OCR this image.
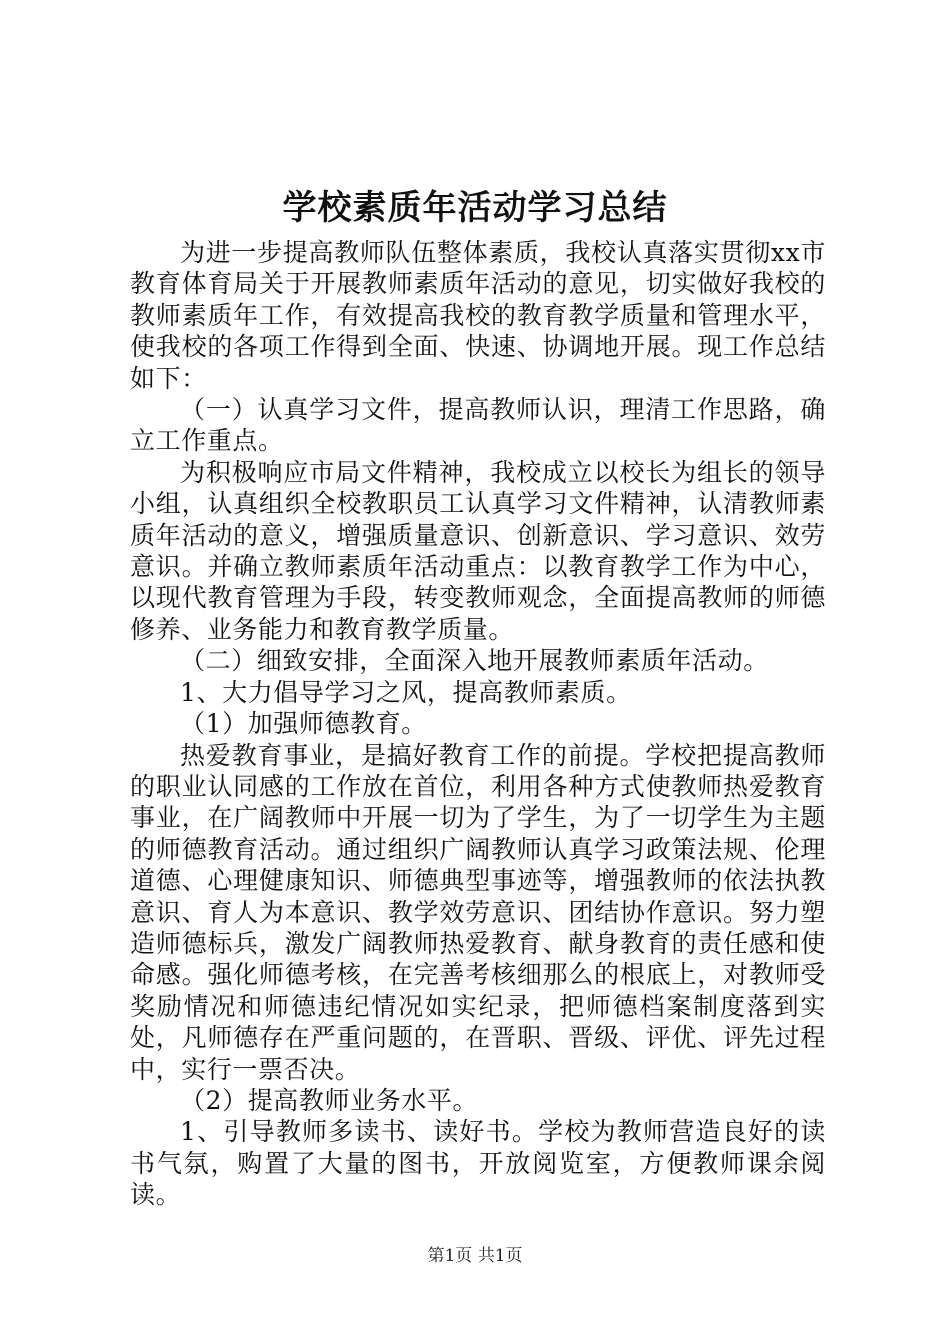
学校素质年活动学习总结

为进一步提高教师队伍整体素质，我校认真落实贯彻xx市教育体育局关于开展教师素质年活动的意见，切实做好我校的教师素质年工作，有效提高我校的教育教学质量和管理水平，使我校的各项工作得到全面、快速、协调地开展。现工作总结如下：

（一）认真学习文件，提高教师认识，理清工作思路，确立工作重点。

为积极响应市局文件精神，我校成立以校长为组长的领导小组，认真组织全校教职员工认真学习文件精神，认清教师素质年活动的意义，增强质量意识、创新意识、学习意识、效劳意识。并确立教师素质年活动重点：以教育教学工作为中心，以现代教育管理为手段，转变教师观念，全面提高教师的师德修养、业务能力和教育教学质量。

（二）细致安排，全面深入地开展教师素质年活动。

1、大力倡导学习之风，提高教师素质。

（1）加强师德教育。

热爱教育事业，是搞好教育工作的前提。学校把提高教师的职业认同感的工作放在首位，利用各种方式使教师热爱教育事业，在广阔教师中开展一切为了学生，为了一切学生为主题的师德教育活动。通过组织广阔教师认真学习政策法规、伦理道德、心理健康知识、师德典型事迹等，增强教师的依法执教意识、育人为本意识、教学效劳意识、团结协作意识。努力塑造师德标兵，激发广阔教师热爱教育、献身教育的责任感和使命感。强化师德考核，在完善考核细那么的根底上，对教师受奖励情况和师德违纪情况如实纪录，把师德档案制度落到实处，凡师德存在严重问题的，在晋职、晋级、评优、评先过程中，实行一票否决。

（2）提高教师业务水平。

1、引导教师多读书、读好书。学校为教师营造良好的读书气氛，购置了大量的图书，开放阅览室，方便教师课余阅读。

第1页 共1页
